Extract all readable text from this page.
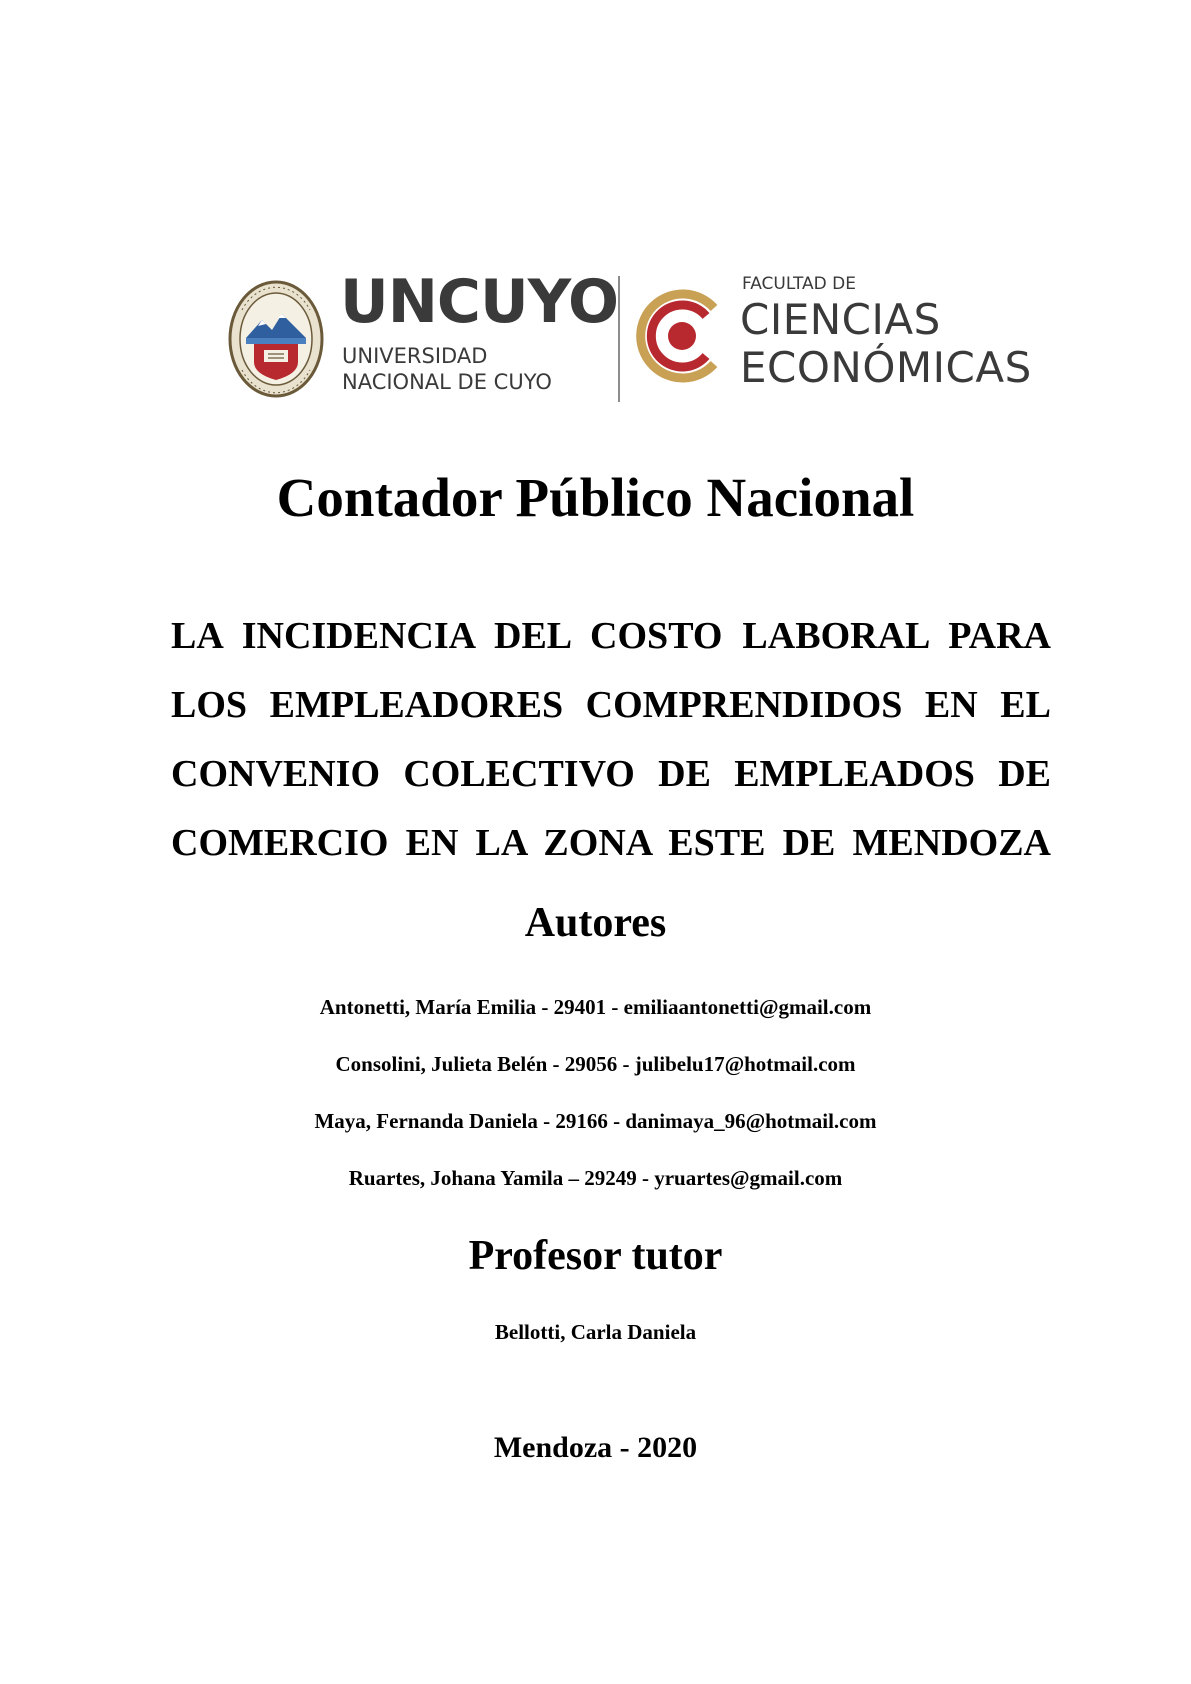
UNCUYO
UNIVERSIDAD
NACIONAL DE CUYO
FACULTAD DE
CIENCIAS
ECONÓMICAS
Contador Público Nacional
LA INCIDENCIA DEL COSTO LABORAL PARA
LOS EMPLEADORES COMPRENDIDOS EN EL
CONVENIO COLECTIVO DE EMPLEADOS DE
COMERCIO EN LA ZONA ESTE DE MENDOZA
Autores
Antonetti, María Emilia - 29401 - emiliaantonetti@gmail.com
Consolini, Julieta Belén - 29056 - julibelu17@hotmail.com
Maya, Fernanda Daniela - 29166 - danimaya_96@hotmail.com
Ruartes, Johana Yamila – 29249 - yruartes@gmail.com
Profesor tutor
Bellotti, Carla Daniela
Mendoza - 2020
